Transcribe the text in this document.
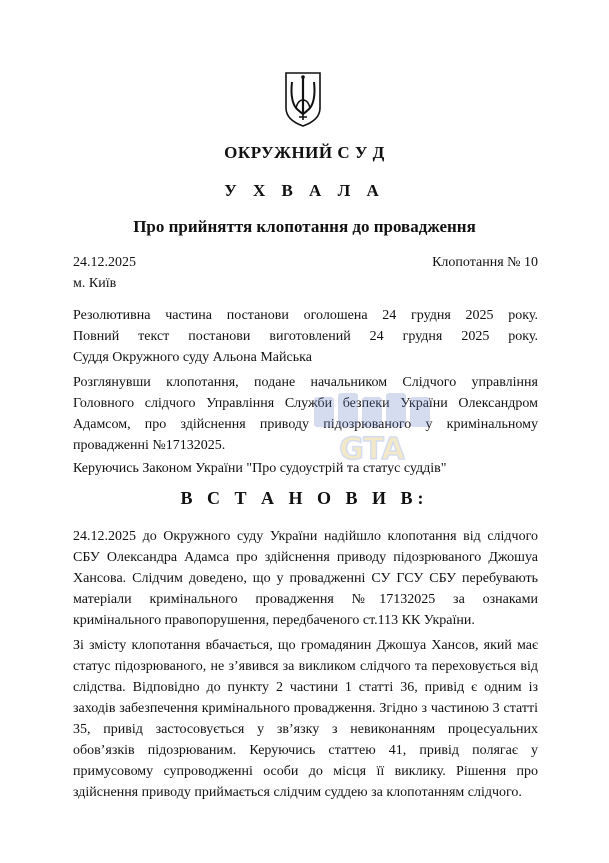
ОКРУЖНИЙ С У Д
У Х В А Л А
Про прийняття клопотання до провадження
24.12.2025	Клопотання № 10
м. Київ
Резолютивна частина постанови оголошена 24 грудня 2025 року.
Повний текст постанови виготовлений 24 грудня 2025 року.
Суддя Окружного суду Альона Майська
Розглянувши клопотання, подане начальником Слідчого управління Головного слідчого Управління Служби безпеки України Олександром Адамсом, про здійснення приводу підозрюваного у кримінальному провадженні №17132025.
Керуючись Законом України "Про судоустрій та статус суддів"
В С Т А Н О В И В:
24.12.2025 до Окружного суду України надійшло клопотання від слідчого СБУ Олександра Адамса про здійснення приводу підозрюваного Джошуа Хансова. Слідчим доведено, що у провадженні СУ ГСУ СБУ перебувають матеріали кримінального провадження №17132025 за ознаками кримінального правопорушення, передбаченого ст.113 КК України.
Зі змісту клопотання вбачається, що громадянин Джошуа Хансов, який має статус підозрюваного, не з’явився за викликом слідчого та переховується від слідства. Відповідно до пункту 2 частини 1 статті 36, привід є одним із заходів забезпечення кримінального провадження. Згідно з частиною 3 статті 35, привід застосовується у зв’язку з невиконанням процесуальних обов’язків підозрюваним. Керуючись статтею 41, привід полягає у примусовому супроводженні особи до місця її виклику. Рішення про здійснення приводу приймається слідчим суддею за клопотанням слідчого.
GTA
